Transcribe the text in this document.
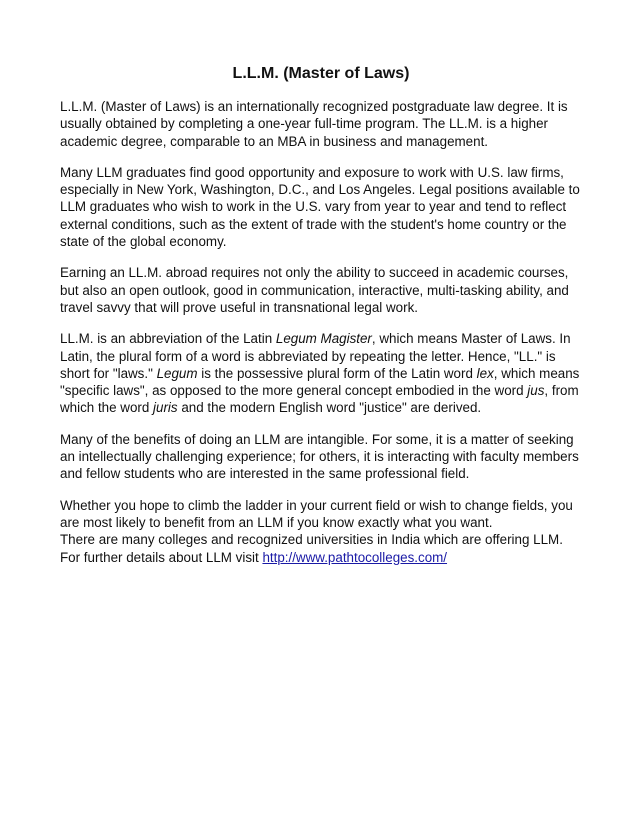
L.L.M. (Master of Laws)

L.L.M. (Master of Laws) is an internationally recognized postgraduate law degree. It is usually obtained by completing a one-year full-time program. The LL.M. is a higher academic degree, comparable to an MBA in business and management.

Many LLM graduates find good opportunity and exposure to work with U.S. law firms, especially in New York, Washington, D.C., and Los Angeles. Legal positions available to LLM graduates who wish to work in the U.S. vary from year to year and tend to reflect external conditions, such as the extent of trade with the student's home country or the state of the global economy.

Earning an LL.M. abroad requires not only the ability to succeed in academic courses, but also an open outlook, good in communication, interactive, multi-tasking ability, and travel savvy that will prove useful in transnational legal work.

LL.M. is an abbreviation of the Latin Legum Magister, which means Master of Laws. In Latin, the plural form of a word is abbreviated by repeating the letter. Hence, "LL." is short for "laws." Legum is the possessive plural form of the Latin word lex, which means "specific laws", as opposed to the more general concept embodied in the word jus, from which the word juris and the modern English word "justice" are derived.

Many of the benefits of doing an LLM are intangible. For some, it is a matter of seeking an intellectually challenging experience; for others, it is interacting with faculty members and fellow students who are interested in the same professional field.

Whether you hope to climb the ladder in your current field or wish to change fields, you are most likely to benefit from an LLM if you know exactly what you want.

There are many colleges and recognized universities in India which are offering LLM. For further details about LLM visit http://www.pathtocolleges.com/
